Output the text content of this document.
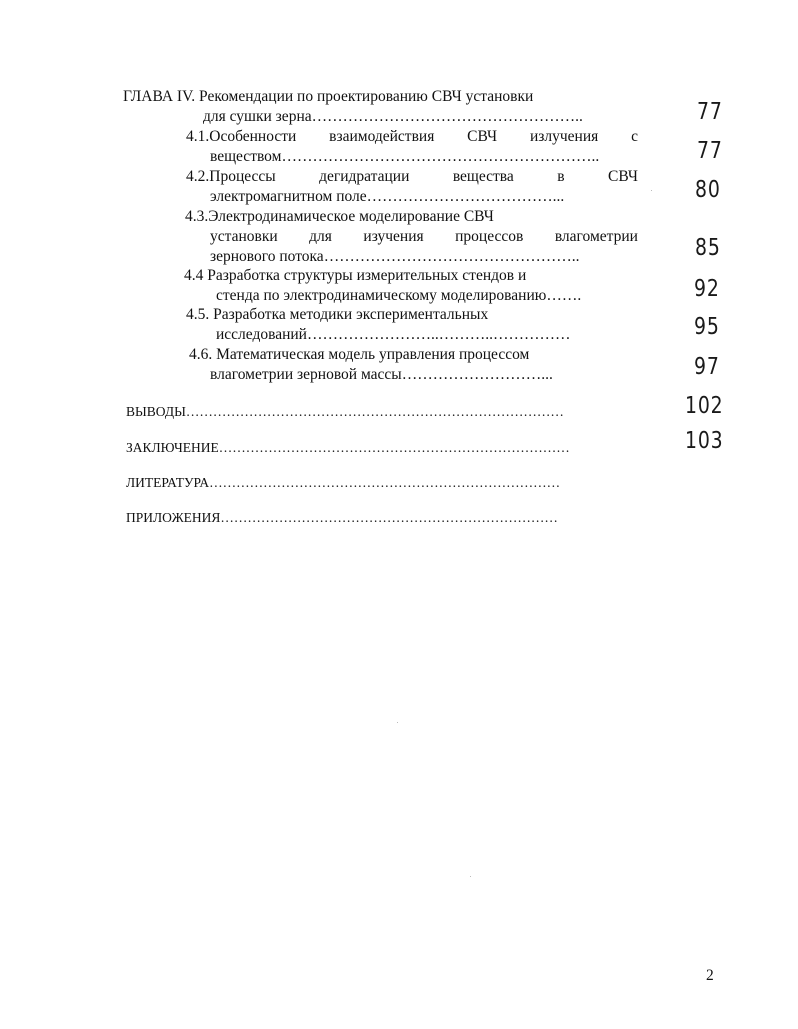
ГЛАВА IV. Рекомендации по проектированию СВЧ установки
для сушки зерна……………………………………………..	77
4.1.Особенности взаимодействия СВЧ излучения с
веществом……………………………………………………..	77
4.2.Процессы	дегидратации	вещества	в	СВЧ
электромагнитном поле………………………………...	80
4.3.Электродинамическое моделирование СВЧ
установки для изучения процессов влагометрии
зернового потока…………………………………………..	85
4.4 Разработка структуры измерительных стендов и
стенда по электродинамическому моделированию…….	92
4.5. Разработка методики экспериментальных
исследований……………………..………..……………	95
4.6. Математическая модель управления процессом
влагометрии зерновой массы………………………...	97
ВЫВОДЫ…………………………………………………………………………	102
ЗАКЛЮЧЕНИЕ……………………………………………………………………	103
ЛИТЕРАТУРА……………………………………………………………………
ПРИЛОЖЕНИЯ…………………………………………………………………
2
